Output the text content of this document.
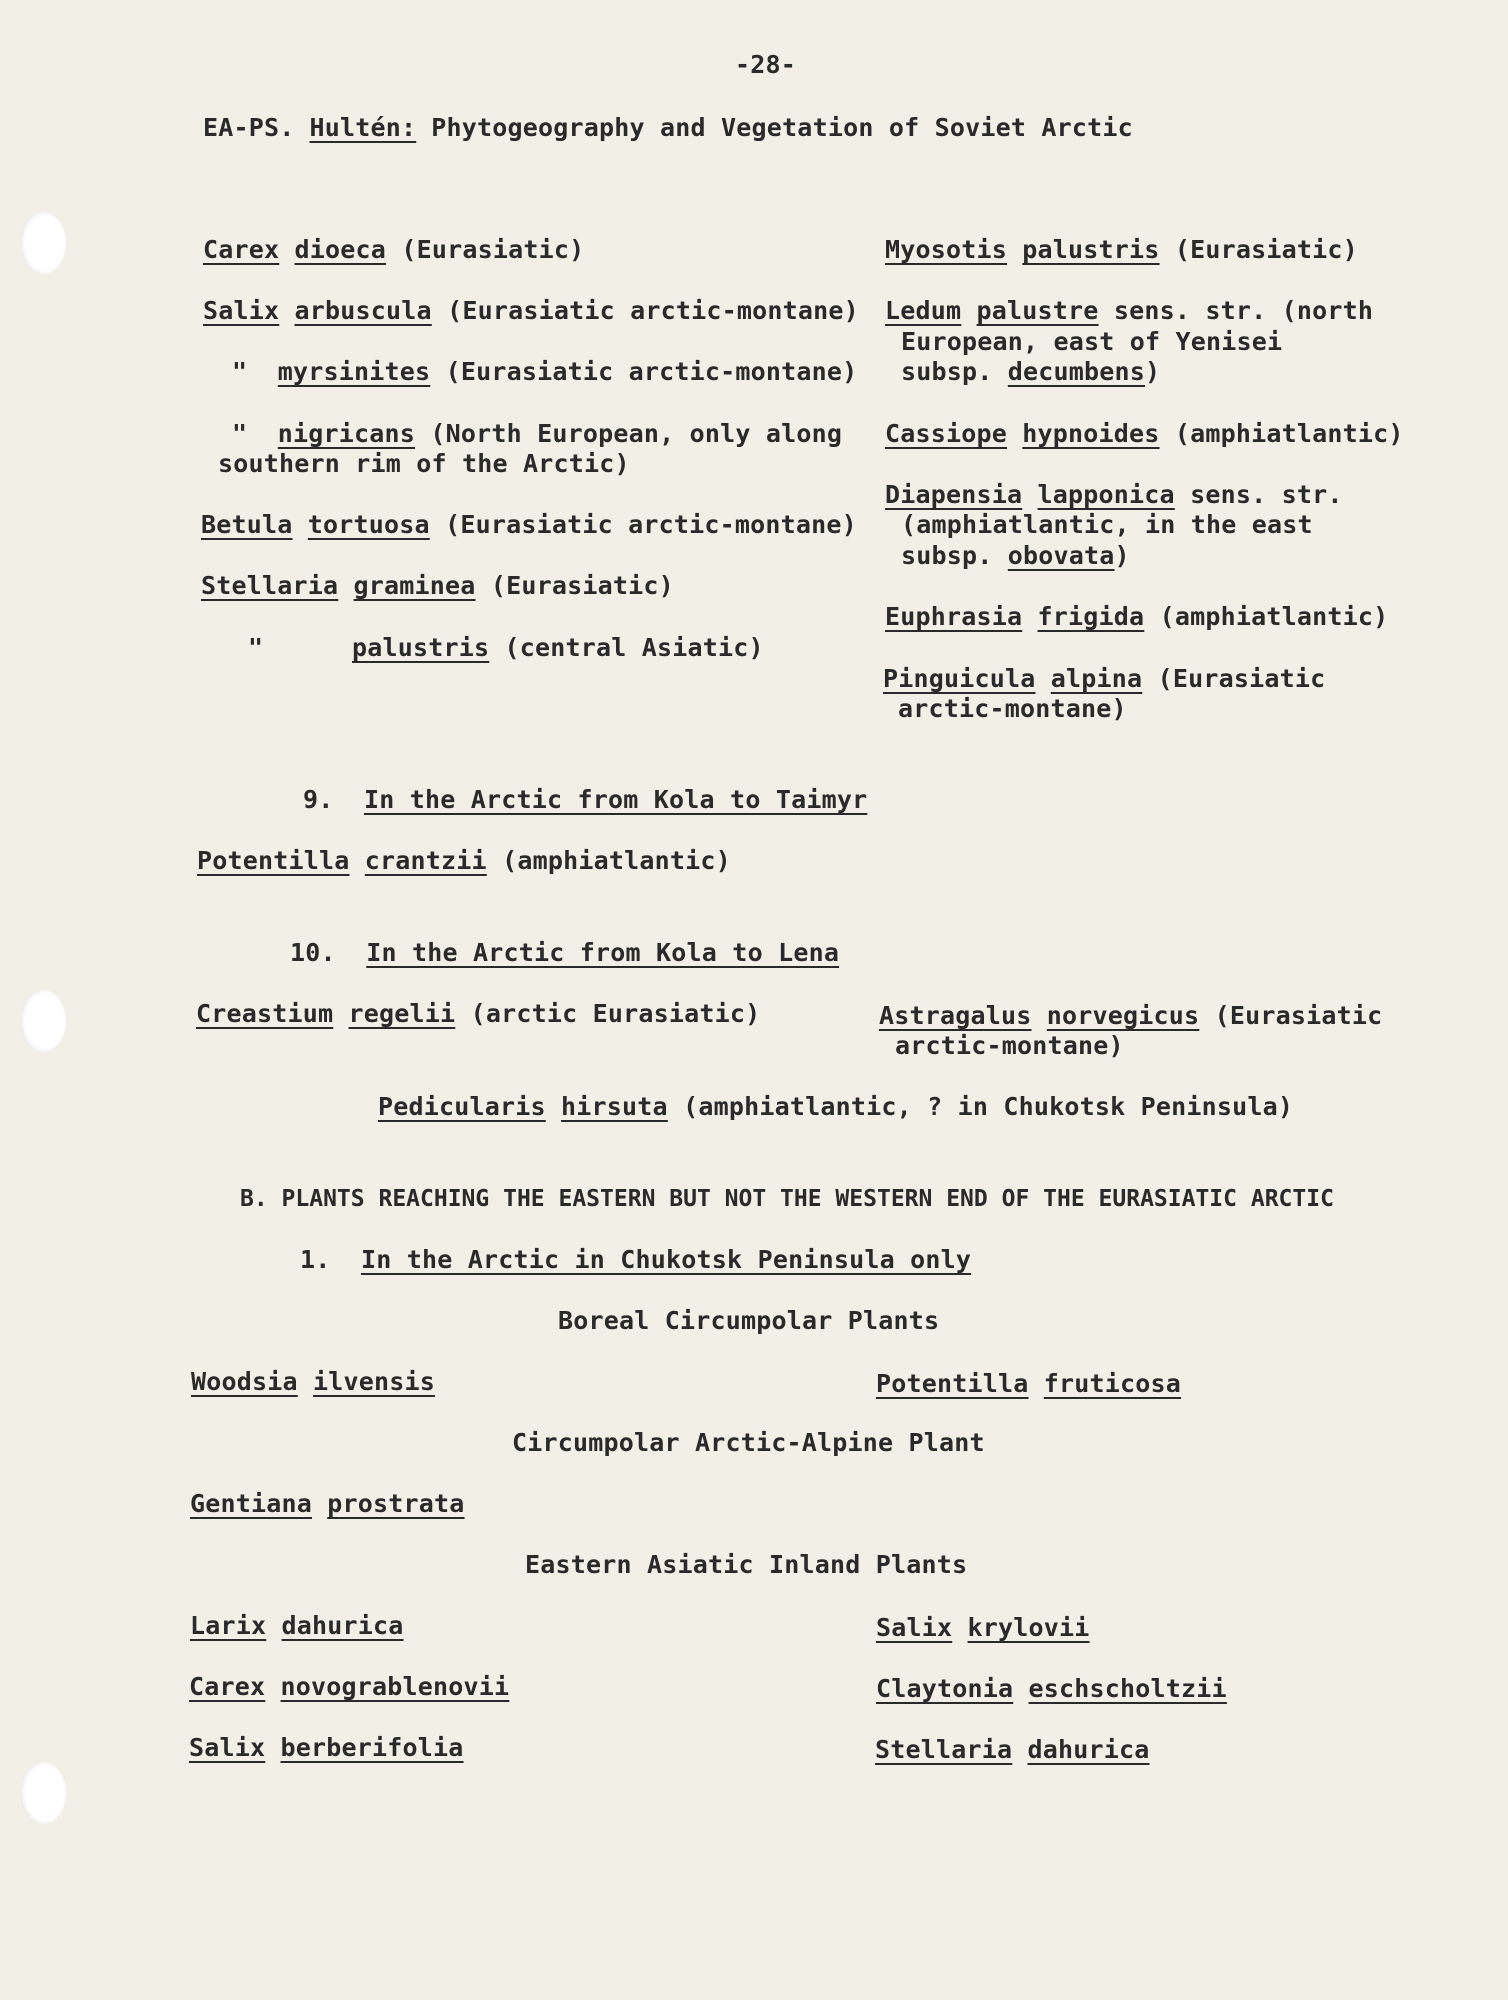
-28-

EA-PS. Hultén: Phytogeography and Vegetation of Soviet Arctic

Carex dioeca (Eurasiatic)

Salix arbuscula (Eurasiatic arctic-montane)

" myrsinites (Eurasiatic arctic-montane)

" nigricans (North European, only along

southern rim of the Arctic)

Betula tortuosa (Eurasiatic arctic-montane)

Stellaria graminea (Eurasiatic)

"	palustris (central Asiatic)

Myosotis palustris (Eurasiatic)

Ledum palustre sens. str. (north

European, east of Yenisei

subsp. decumbens)

Cassiope hypnoides (amphiatlantic)

Diapensia lapponica sens. str.

(amphiatlantic, in the east

subsp. obovata)

Euphrasia frigida (amphiatlantic)

Pinguicula alpina (Eurasiatic

arctic-montane)

9. In the Arctic from Kola to Taimyr

Potentilla crantzii (amphiatlantic)

10. In the Arctic from Kola to Lena

Creastium regelii (arctic Eurasiatic)	Astragalus norvegicus (Eurasiatic

arctic-montane)

Pedicularis hirsuta (amphiatlantic, ? in Chukotsk Peninsula)

B. PLANTS REACHING THE EASTERN BUT NOT THE WESTERN END OF THE EURASIATIC ARCTIC

1. In the Arctic in Chukotsk Peninsula only

Boreal Circumpolar Plants

Woodsia ilvensis	Potentilla fruticosa

Circumpolar Arctic-Alpine Plant

Gentiana prostrata

Eastern Asiatic Inland Plants

Larix dahurica	Salix krylovii

Carex novograblenovii	Claytonia eschscholtzii

Salix berberifolia	Stellaria dahurica
